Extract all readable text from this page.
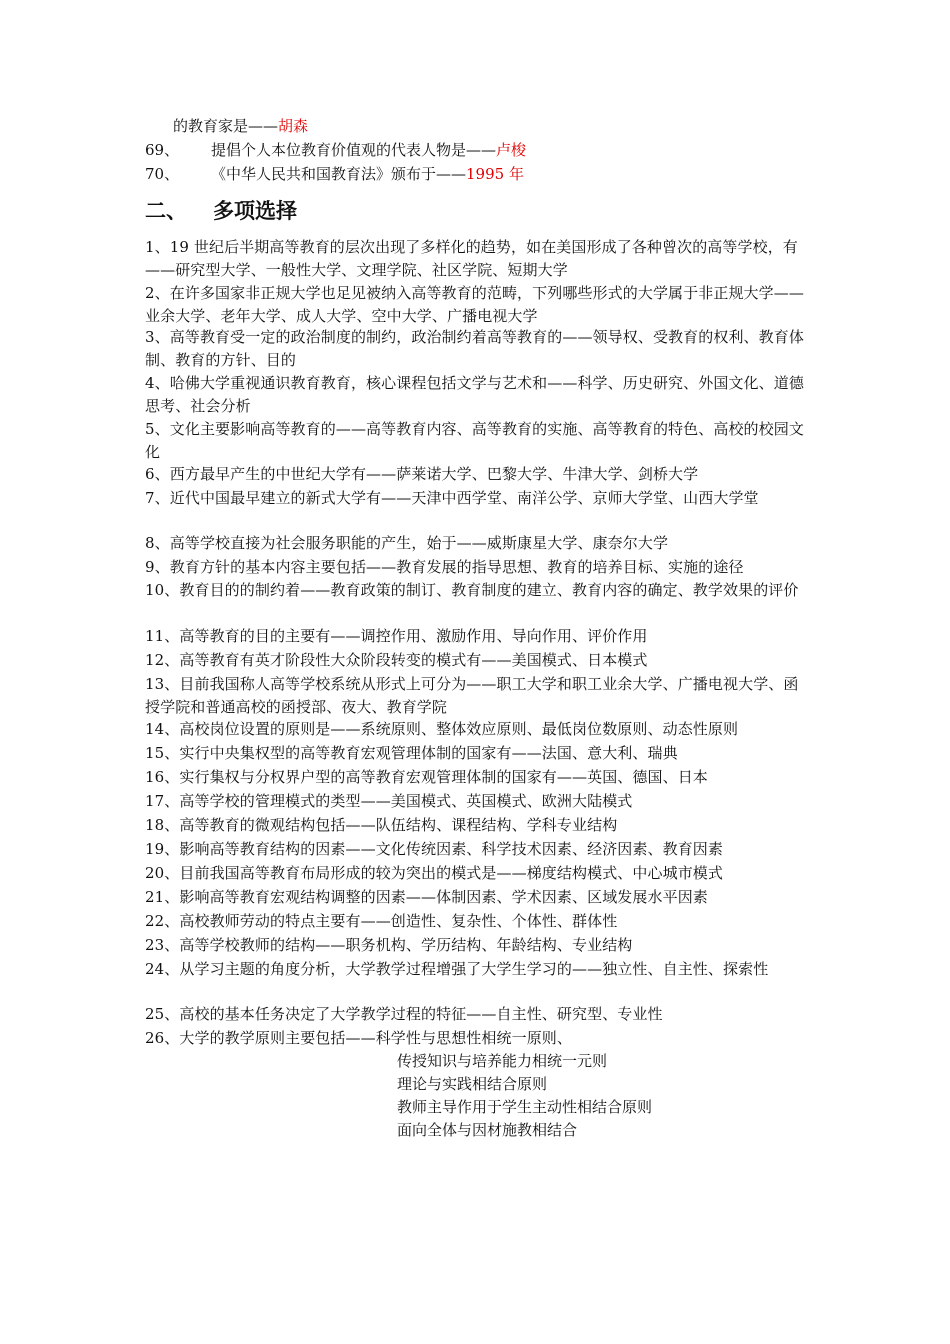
的教育家是——胡森
69、 提倡个人本位教育价值观的代表人物是——卢梭
70、 《中华人民共和国教育法》颁布于——1995 年
二、 多项选择
1、19 世纪后半期高等教育的层次出现了多样化的趋势，如在美国形成了各种曾次的高等学校，有——研究型大学、一般性大学、文理学院、社区学院、短期大学
2、在许多国家非正规大学也足见被纳入高等教育的范畴，下列哪些形式的大学属于非正规大学——业余大学、老年大学、成人大学、空中大学、广播电视大学
3、高等教育受一定的政治制度的制约，政治制约着高等教育的——领导权、受教育的权利、教育体制、教育的方针、目的
4、哈佛大学重视通识教育教育，核心课程包括文学与艺术和——科学、历史研究、外国文化、道德思考、社会分析
5、文化主要影响高等教育的——高等教育内容、高等教育的实施、高等教育的特色、高校的校园文化
6、西方最早产生的中世纪大学有——萨莱诺大学、巴黎大学、牛津大学、剑桥大学
7、近代中国最早建立的新式大学有——天津中西学堂、南洋公学、京师大学堂、山西大学堂
8、高等学校直接为社会服务职能的产生，始于——威斯康星大学、康奈尔大学
9、教育方针的基本内容主要包括——教育发展的指导思想、教育的培养目标、实施的途径
10、教育目的的制约着——教育政策的制订、教育制度的建立、教育内容的确定、教学效果的评价
11、高等教育的目的主要有——调控作用、激励作用、导向作用、评价作用
12、高等教育有英才阶段性大众阶段转变的模式有——美国模式、日本模式
13、目前我国称人高等学校系统从形式上可分为——职工大学和职工业余大学、广播电视大学、函授学院和普通高校的函授部、夜大、教育学院
14、高校岗位设置的原则是——系统原则、整体效应原则、最低岗位数原则、动态性原则
15、实行中央集权型的高等教育宏观管理体制的国家有——法国、意大利、瑞典
16、实行集权与分权界户型的高等教育宏观管理体制的国家有——英国、德国、日本
17、高等学校的管理模式的类型——美国模式、英国模式、欧洲大陆模式
18、高等教育的微观结构包括——队伍结构、课程结构、学科专业结构
19、影响高等教育结构的因素——文化传统因素、科学技术因素、经济因素、教育因素
20、目前我国高等教育布局形成的较为突出的模式是——梯度结构模式、中心城市模式
21、影响高等教育宏观结构调整的因素——体制因素、学术因素、区域发展水平因素
22、高校教师劳动的特点主要有——创造性、复杂性、个体性、群体性
23、高等学校教师的结构——职务机构、学历结构、年龄结构、专业结构
24、从学习主题的角度分析，大学教学过程增强了大学生学习的——独立性、自主性、探索性
25、高校的基本任务决定了大学教学过程的特征——自主性、研究型、专业性
26、大学的教学原则主要包括——科学性与思想性相统一原则、
传授知识与培养能力相统一元则
理论与实践相结合原则
教师主导作用于学生主动性相结合原则
面向全体与因材施教相结合
